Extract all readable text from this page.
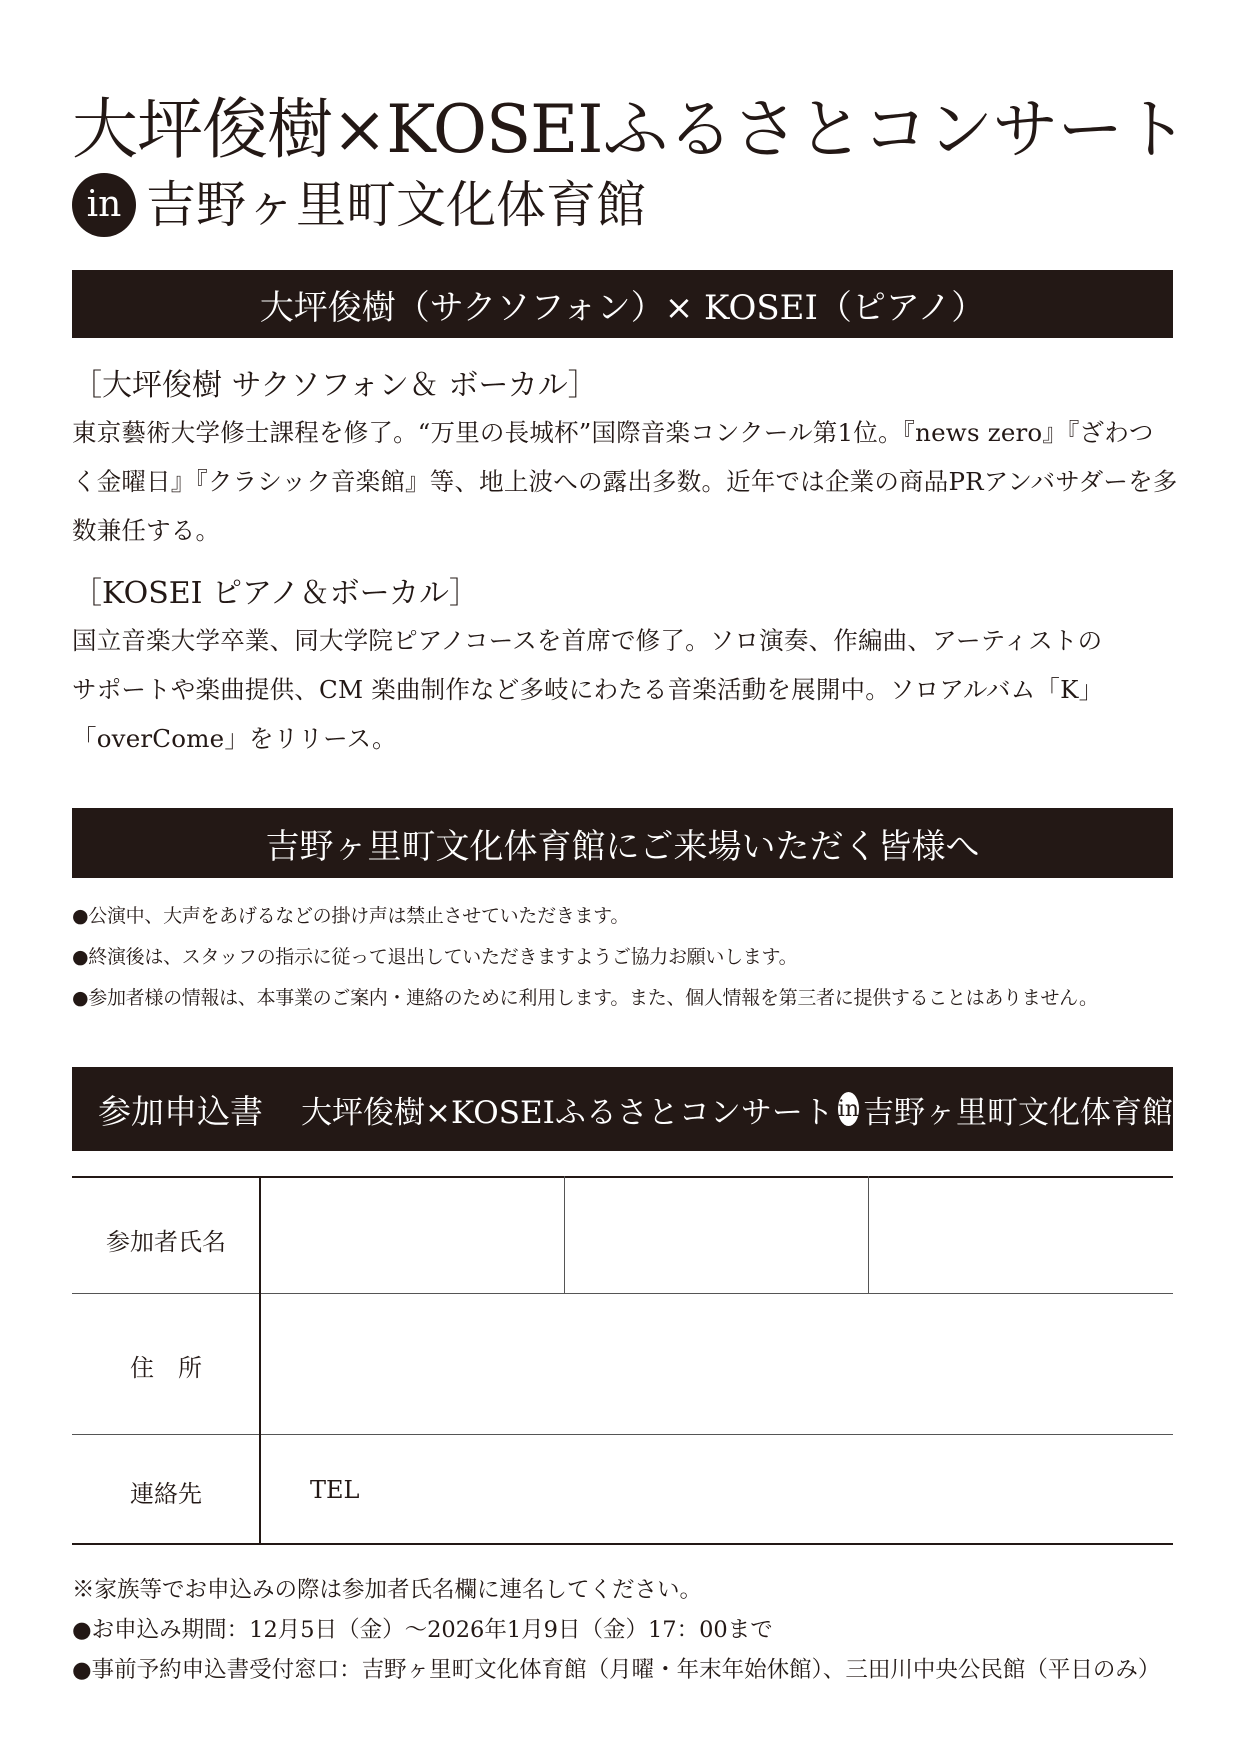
大坪俊樹×KOSEIふるさとコンサート
in 吉野ヶ里町文化体育館
大坪俊樹（サクソフォン）× KOSEI（ピアノ）
［大坪俊樹 サクソフォン＆ ボーカル］
東京藝術大学修士課程を修了。“万里の長城杯”国際音楽コンクール第1位。『news zero』『ざわつ
く金曜日』『クラシック音楽館』等、地上波への露出多数。近年では企業の商品PRアンバサダーを多
数兼任する。
［KOSEI ピアノ＆ボーカル］
国立音楽大学卒業、同大学院ピアノコースを首席で修了。ソロ演奏、作編曲、アーティストの
サポートや楽曲提供、CM 楽曲制作など多岐にわたる音楽活動を展開中。ソロアルバム「K」
「overCome」をリリース。
吉野ヶ里町文化体育館にご来場いただく皆様へ
●公演中、大声をあげるなどの掛け声は禁止させていただきます。
●終演後は、スタッフの指示に従って退出していただきますようご協力お願いします。
●参加者様の情報は、本事業のご案内・連絡のために利用します。また、個人情報を第三者に提供することはありません。
参加申込書 大坪俊樹×KOSEIふるさとコンサート in 吉野ヶ里町文化体育館
参加者氏名
住　所
連絡先	TEL
※家族等でお申込みの際は参加者氏名欄に連名してください。
●お申込み期間：12月5日（金）～2026年1月9日（金）17：00まで
●事前予約申込書受付窓口：吉野ヶ里町文化体育館（月曜・年末年始休館）、三田川中央公民館（平日のみ）
